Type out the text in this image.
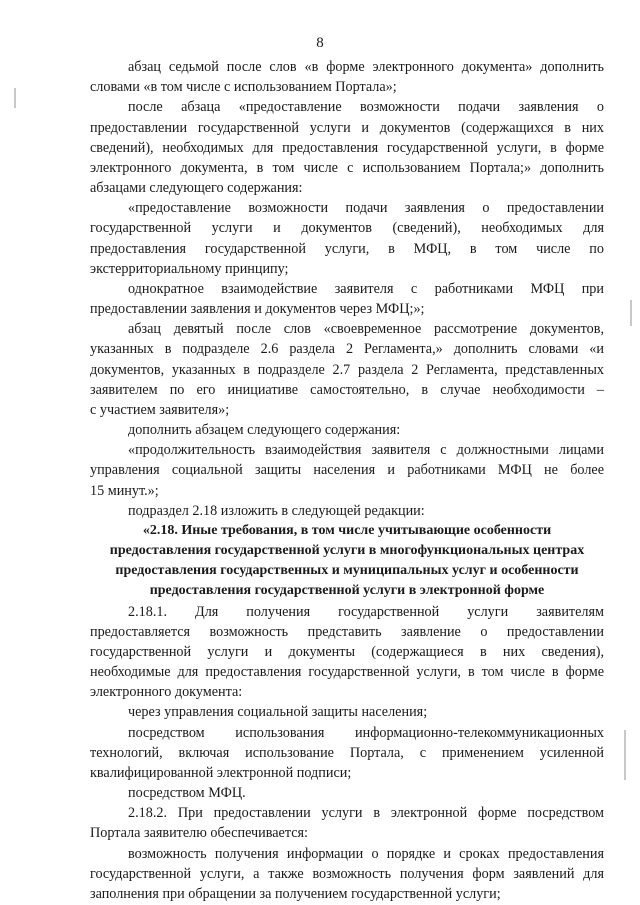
8
абзац седьмой после слов «в форме электронного документа» дополнить
словами «в том числе с использованием Портала»;
после абзаца «предоставление возможности подачи заявления о
предоставлении государственной услуги и документов (содержащихся в них
сведений), необходимых для предоставления государственной услуги, в форме
электронного документа, в том числе с использованием Портала;» дополнить
абзацами следующего содержания:
«предоставление возможности подачи заявления о предоставлении
государственной услуги и документов (сведений), необходимых для
предоставления государственной услуги, в МФЦ, в том числе по
экстерриториальному принципу;
однократное взаимодействие заявителя с работниками МФЦ при
предоставлении заявления и документов через МФЦ;»;
абзац девятый после слов «своевременное рассмотрение документов,
указанных в подразделе 2.6 раздела 2 Регламента,» дополнить словами «и
документов, указанных в подразделе 2.7 раздела 2 Регламента, представленных
заявителем по его инициативе самостоятельно, в случае необходимости –
с участием заявителя»;
дополнить абзацем следующего содержания:
«продолжительность взаимодействия заявителя с должностными лицами
управления социальной защиты населения и работниками МФЦ не более
15 минут.»;
подраздел 2.18 изложить в следующей редакции:
«2.18. Иные требования, в том числе учитывающие особенности
предоставления государственной услуги в многофункциональных центрах
предоставления государственных и муниципальных услуг и особенности
предоставления государственной услуги в электронной форме
2.18.1. Для получения государственной услуги заявителям
предоставляется возможность представить заявление о предоставлении
государственной услуги и документы (содержащиеся в них сведения),
необходимые для предоставления государственной услуги, в том числе в форме
электронного документа:
через управления социальной защиты населения;
посредством использования информационно-телекоммуникационных
технологий, включая использование Портала, с применением усиленной
квалифицированной электронной подписи;
посредством МФЦ.
2.18.2. При предоставлении услуги в электронной форме посредством
Портала заявителю обеспечивается:
возможность получения информации о порядке и сроках предоставления
государственной услуги, а также возможность получения форм заявлений для
заполнения при обращении за получением государственной услуги;
